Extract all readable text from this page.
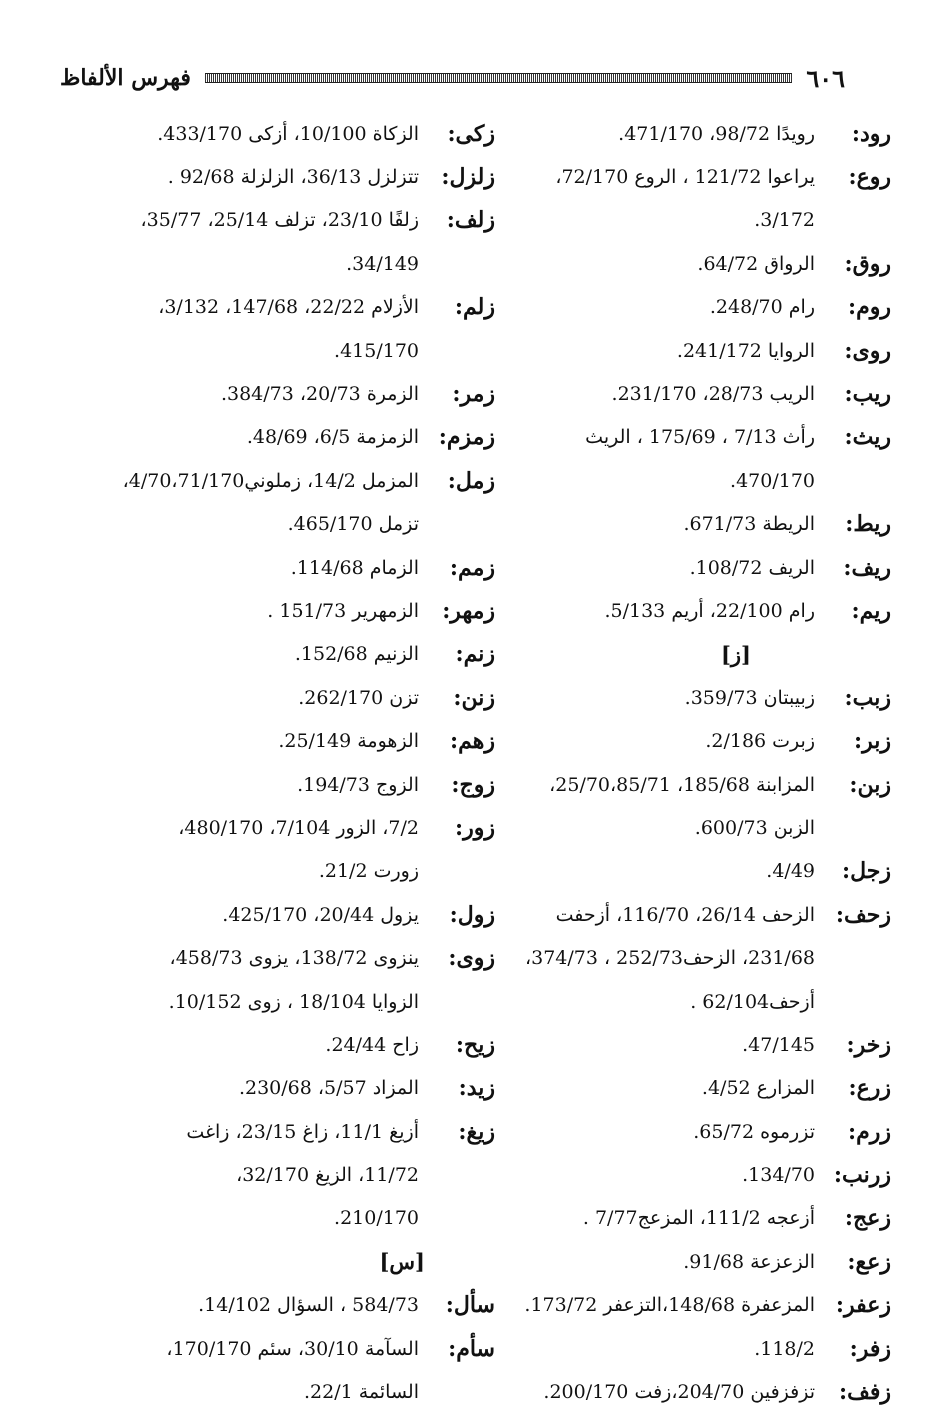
٦٠٦
فهرس الألفاظ
رود:
رويدًا 98/72، 471/170.
روع:
يراعوا 121/72 ، الروع 72/170،
3/172.
روق:
الرواق 64/72.
روم:
رام 248/70.
روى:
الروايا 241/172.
ريب:
الريب 28/73، 231/170.
ريث:
رأث 7/13 ، 175/69 ، الريث
470/170.
ريط:
الريطة 671/73.
ريف:
الريف 108/72.
ريم:
رام 22/100، أريم 5/133.
[ز]
زبب:
زبيبتان 359/73.
زبر:
زبرت 2/186.
زبن:
المزابنة 185/68، 25/70،85/71،
الزبن 600/73.
زجل:
4/49.
زحف:
الزحف 26/14، 116/70، أزحفت
231/68، الزحف252/73 ، 374/73،
أزحف62/104 .
زخر:
47/145.
زرع:
المزارع 4/52.
زرم:
تزرموه 65/72.
زرنب:
134/70.
زعج:
أزعجه 111/2، المزعج7/77 .
زعع:
الزعزعة 91/68.
زعفر:
المزعفرة 148/68،التزعفر 173/72.
زفر:
118/2.
زفف:
تزفزفين 204/70،زفت 200/170.
زكى:
الزكاة 10/100، أزكى 433/170.
زلزل:
تتزلزل 36/13، الزلزلة 92/68 .
زلف:
زلفًا 23/10، تزلف 25/14، 35/77،
34/149.
زلم:
الأزلام 22/22، 147/68، 3/132،
415/170.
زمر:
الزمرة 20/73، 384/73.
زمزم:
الزمزمة 6/5، 48/69.
زمل:
المزمل 14/2، زملوني4/70،71/170،
تزمل 465/170.
زمم:
الزمام 114/68.
زمهر:
الزمهرير 151/73 .
زنم:
الزنيم 152/68.
زنن:
تزن 262/170.
زهم:
الزهومة 25/149.
زوج:
الزوج 194/73.
زور:
7/2، الزور 7/104، 480/170،
زورت 21/2.
زول:
يزول 20/44، 425/170.
زوى:
ينزوى 138/72، يزوى 458/73،
الزوايا 18/104 ، زوى 10/152.
زيح:
زاح 24/44.
زيد:
المزاد 5/57، 230/68.
زيغ:
أزيغ 11/1، زاغ 23/15، زاغت
11/72، الزيغ 32/170،
210/170.
[س]
سأل:
584/73 ، السؤال 14/102.
سأم:
السآمة 30/10، سئم 170/170،
السائمة 22/1.
